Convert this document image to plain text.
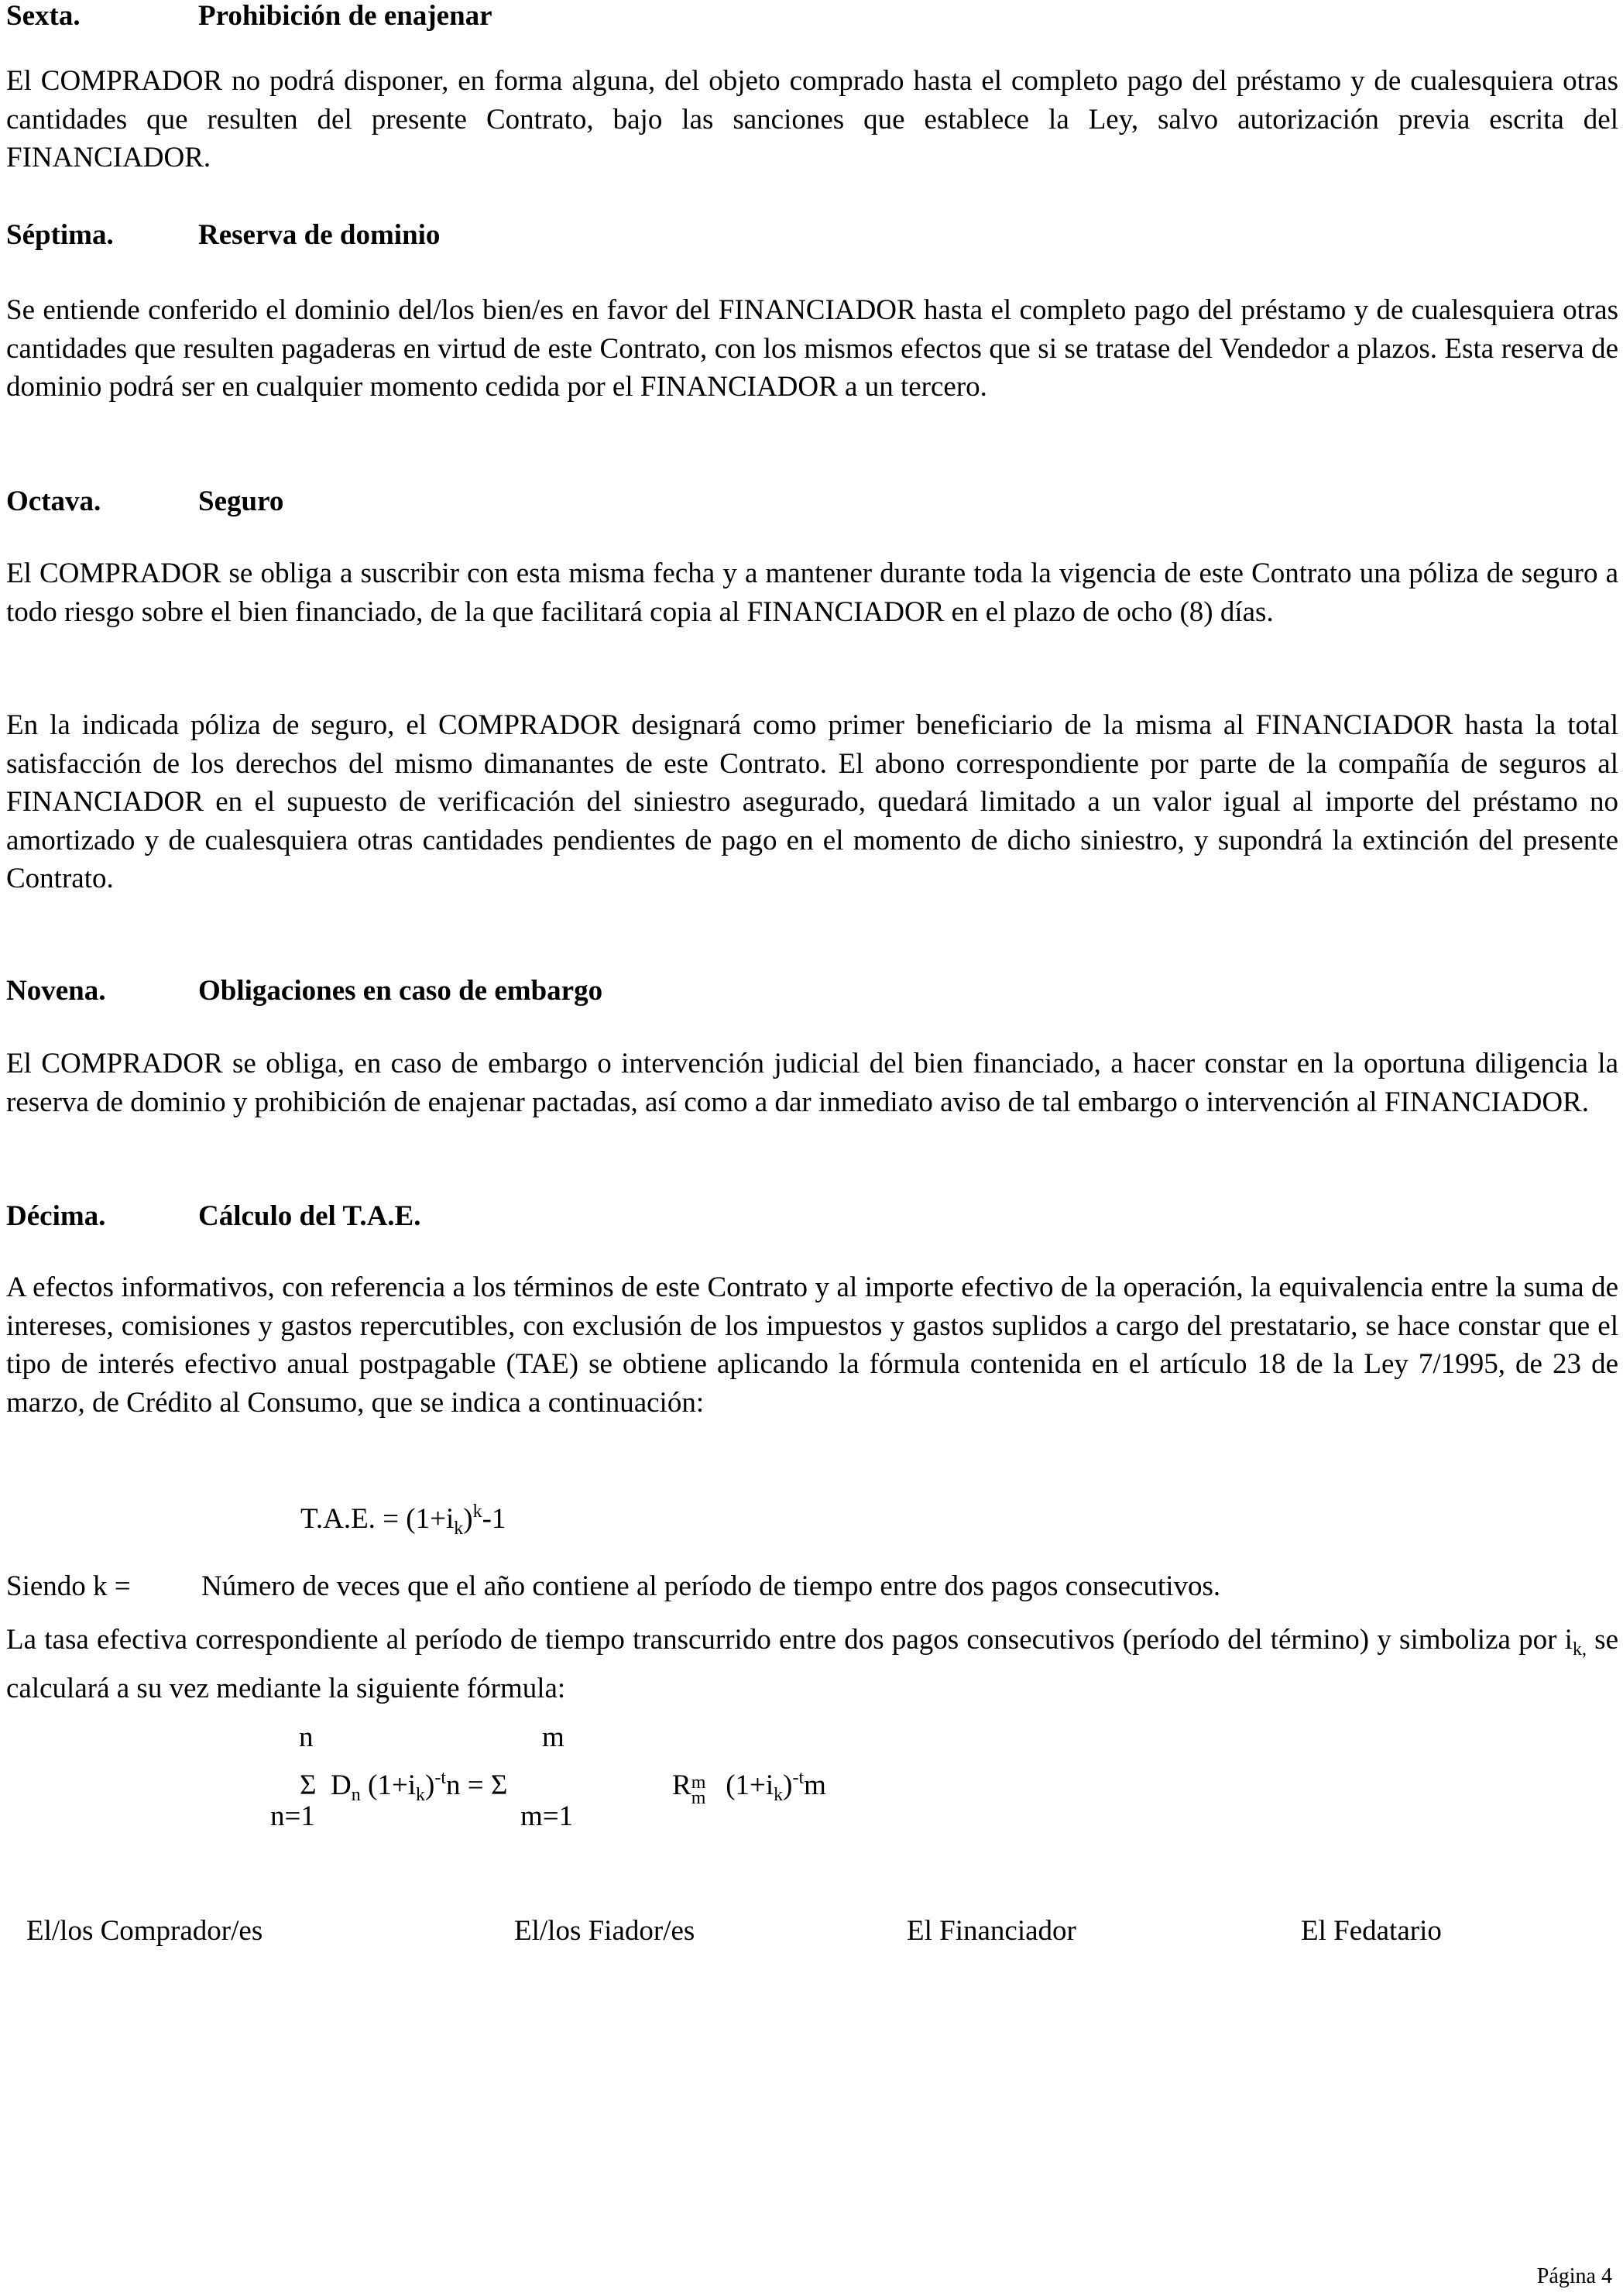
Sexta.	Prohibición de enajenar

El COMPRADOR no podrá disponer, en forma alguna, del objeto comprado hasta el completo pago del préstamo y de cualesquiera otras cantidades que resulten del presente Contrato, bajo las sanciones que establece la Ley, salvo autorización previa escrita del FINANCIADOR.

Séptima.	Reserva de dominio

Se entiende conferido el dominio del/los bien/es en favor del FINANCIADOR hasta el completo pago del préstamo y de cualesquiera otras cantidades que resulten pagaderas en virtud de este Contrato, con los mismos efectos que si se tratase del Vendedor a plazos. Esta reserva de dominio podrá ser en cualquier momento cedida por el FINANCIADOR a un tercero.

Octava.	Seguro

El COMPRADOR se obliga a suscribir con esta misma fecha y a mantener durante toda la vigencia de este Contrato una póliza de seguro a todo riesgo sobre el bien financiado, de la que facilitará copia al FINANCIADOR en el plazo de ocho (8) días.

En la indicada póliza de seguro, el COMPRADOR designará como primer beneficiario de la misma al FINANCIADOR hasta la total satisfacción de los derechos del mismo dimanantes de este Contrato. El abono correspondiente por parte de la compañía de seguros al FINANCIADOR en el supuesto de verificación del siniestro asegurado, quedará limitado a un valor igual al importe del préstamo no amortizado y de cualesquiera otras cantidades pendientes de pago en el momento de dicho siniestro, y supondrá la extinción del presente Contrato.

Novena.	Obligaciones en caso de embargo

El COMPRADOR se obliga, en caso de embargo o intervención judicial del bien financiado, a hacer constar en la oportuna diligencia la reserva de dominio y prohibición de enajenar pactadas, así como a dar inmediato aviso de tal embargo o intervención al FINANCIADOR.

Décima.	Cálculo del T.A.E.

A efectos informativos, con referencia a los términos de este Contrato y al importe efectivo de la operación, la equivalencia entre la suma de intereses, comisiones y gastos repercutibles, con exclusión de los impuestos y gastos suplidos a cargo del prestatario, se hace constar que el tipo de interés efectivo anual postpagable (TAE) se obtiene aplicando la fórmula contenida en el artículo 18 de la Ley 7/1995, de 23 de marzo, de Crédito al Consumo, que se indica a continuación:

T.A.E. = $(1+i_k)^k-1$
Siendo k = Número de veces que el año contiene al período de tiempo entre dos pagos consecutivos.

La tasa efectiva correspondiente al período de tiempo transcurrido entre dos pagos consecutivos (período del término) y simboliza por $i_{k,}$ se calculará a su vez mediante la siguiente fórmula:

n	m
Σ $D_n$ $(1+i_k)^{-t}n = \Sigma$	R m
m $(1+i_k)^{-t}m$
n=1	m=1
El/los Comprador/es	El/los Fiador/es	El Financiador	El Fedatario
Página 4
